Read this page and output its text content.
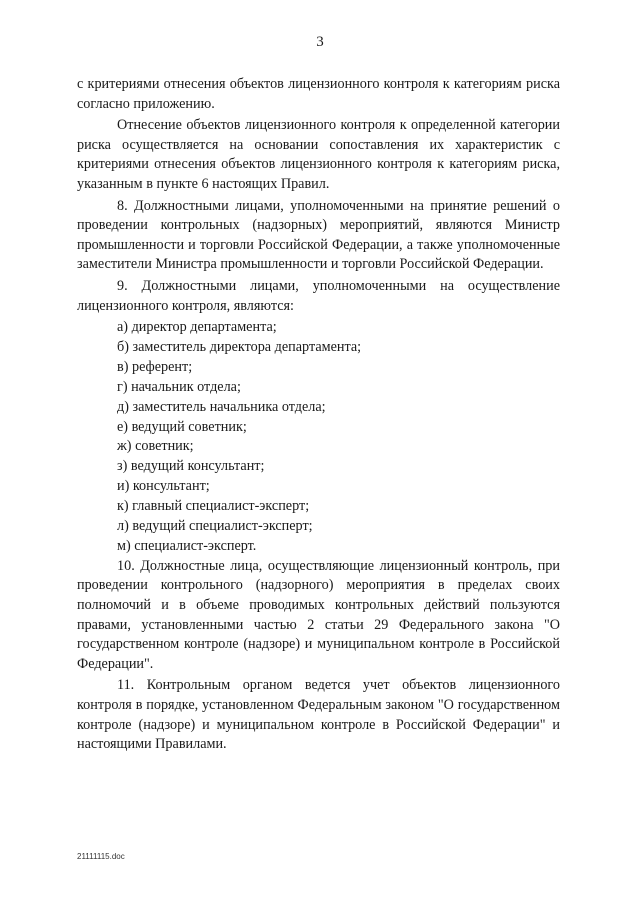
3

с критериями отнесения объектов лицензионного контроля к категориям риска согласно приложению.

Отнесение объектов лицензионного контроля к определенной категории риска осуществляется на основании сопоставления их характеристик с критериями отнесения объектов лицензионного контроля к категориям риска, указанным в пункте 6 настоящих Правил.

8. Должностными лицами, уполномоченными на принятие решений о проведении контрольных (надзорных) мероприятий, являются Министр промышленности и торговли Российской Федерации, а также уполномоченные заместители Министра промышленности и торговли Российской Федерации.

9. Должностными лицами, уполномоченными на осуществление лицензионного контроля, являются:

а) директор департамента;
б) заместитель директора департамента;
в) референт;
г) начальник отдела;
д) заместитель начальника отдела;
е) ведущий советник;
ж) советник;
з) ведущий консультант;
и) консультант;
к) главный специалист-эксперт;
л) ведущий специалист-эксперт;
м) специалист-эксперт.

10. Должностные лица, осуществляющие лицензионный контроль, при проведении контрольного (надзорного) мероприятия в пределах своих полномочий и в объеме проводимых контрольных действий пользуются правами, установленными частью 2 статьи 29 Федерального закона "О государственном контроле (надзоре) и муниципальном контроле в Российской Федерации".

11. Контрольным органом ведется учет объектов лицензионного контроля в порядке, установленном Федеральным законом "О государственном контроле (надзоре) и муниципальном контроле в Российской Федерации" и настоящими Правилами.

21111115.doc
